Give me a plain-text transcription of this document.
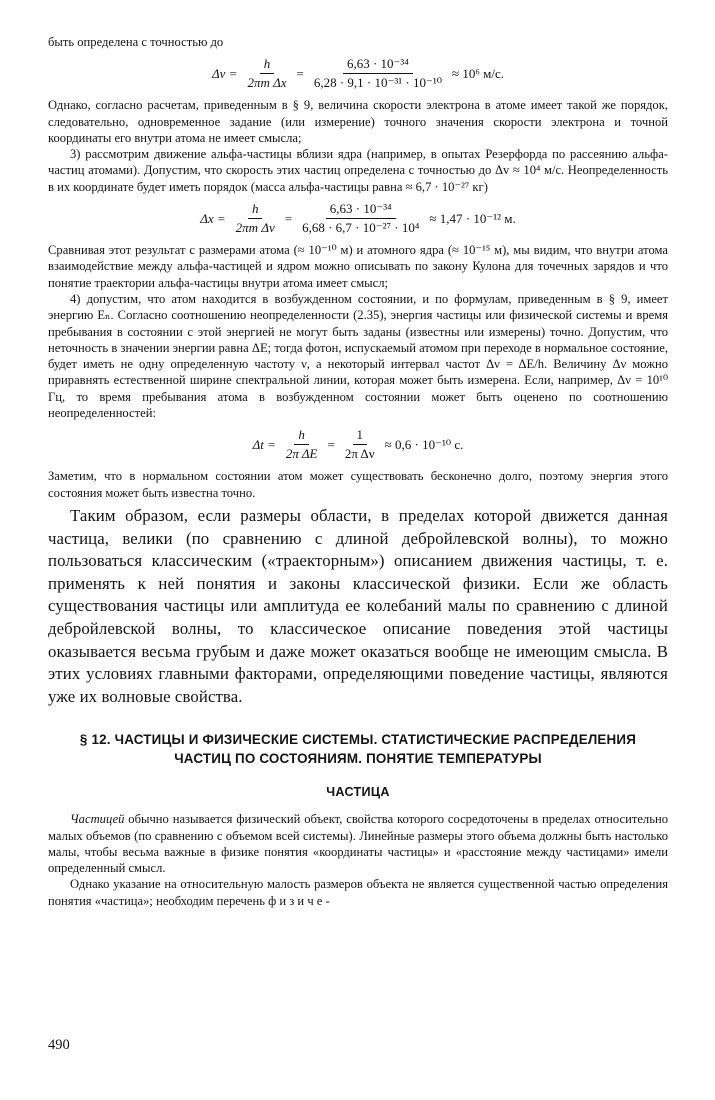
быть определена с точностью до

$\Delta v = \frac{h}{\text{2πm Δx}} = \frac{\text{6,63 · 10⁻³⁴}}{\text{6,28 · 9,1 · 10⁻³¹ · 10⁻¹⁰}} \approx 10^6$ м/с.

Однако, согласно расчетам, приведенным в § 9, величина скорости электрона в атоме имеет такой же порядок, следовательно, одновременное задание (или измерение) точного значения скорости электрона и точной координаты его внутри атома не имеет смысла;

3) рассмотрим движение альфа-частицы вблизи ядра (например, в опытах Резерфорда по рассеянию альфа-частиц атомами). Допустим, что скорость этих частиц определена с точностью до Δv ≈ 10⁴ м/с. Неопределенность в их координате будет иметь порядок (масса альфа-частицы равна ≈ 6,7 · 10⁻²⁷ кг)

$\Delta x = \frac{h}{\text{2πm Δv}} = \frac{\text{6,63 · 10⁻³⁴}}{\text{6,68 · 6,7 · 10⁻²⁷ · 10⁴}} \approx 1,47 \cdot 10^{-12}$ м.

Сравнивая этот результат с размерами атома (≈ 10⁻¹⁰ м) и атомного ядра (≈ 10⁻¹⁵ м), мы видим, что внутри атома взаимодействие между альфа-частицей и ядром можно описывать по закону Кулона для точечных зарядов и что понятие траектории альфа-частицы внутри атома имеет смысл;

4) допустим, что атом находится в возбужденном состоянии, и по формулам, приведенным в § 9, имеет энергию Eₙ. Согласно соотношению неопределенности (2.35), энергия частицы или физической системы и время пребывания в состоянии с этой энергией не могут быть заданы (известны или измерены) точно. Допустим, что неточность в значении энергии равна ΔE; тогда фотон, испускаемый атомом при переходе в нормальное состояние, будет иметь не одну определенную частоту ν, а некоторый интервал частот Δν = ΔE/h. Величину Δν можно приравнять естественной ширине спектральной линии, которая может быть измерена. Если, например, Δν = 10¹⁰ Гц, то время пребывания атома в возбужденном состоянии может быть оценено по соотношению неопределенностей:

$\Delta t = \frac{h}{\text{2π ΔE}} = \frac{1}{\text{2π Δν}} \approx 0,6 \cdot 10^{-10}$ с.

Заметим, что в нормальном состоянии атом может существовать бесконечно долго, поэтому энергия этого состояния может быть известна точно.

Таким образом, если размеры области, в пределах которой движется данная частица, велики (по сравнению с длиной дебройлевской волны), то можно пользоваться классическим («траекторным») описанием движения частицы, т. е. применять к ней понятия и законы классической физики. Если же область существования частицы или амплитуда ее колебаний малы по сравнению с длиной дебройлевской волны, то классическое описание поведения этой частицы оказывается весьма грубым и даже может оказаться вообще не имеющим смысла. В этих условиях главными факторами, определяющими поведение частицы, являются уже их волновые свойства.

§ 12. ЧАСТИЦЫ И ФИЗИЧЕСКИЕ СИСТЕМЫ. СТАТИСТИЧЕСКИЕ РАСПРЕДЕЛЕНИЯ
ЧАСТИЦ ПО СОСТОЯНИЯМ. ПОНЯТИЕ ТЕМПЕРАТУРЫ
ЧАСТИЦА

Частицей обычно называется физический объект, свойства которого сосредоточены в пределах относительно малых объемов (по сравнению с объемом всей системы). Линейные размеры этого объема должны быть настолько малы, чтобы весьма важные в физике понятия «координаты частицы» и «расстояние между частицами» имели определенный смысл.

Однако указание на относительную малость размеров объекта не является существенной частью определения понятия «частица»; необходим перечень ф и з и ч е -

490
